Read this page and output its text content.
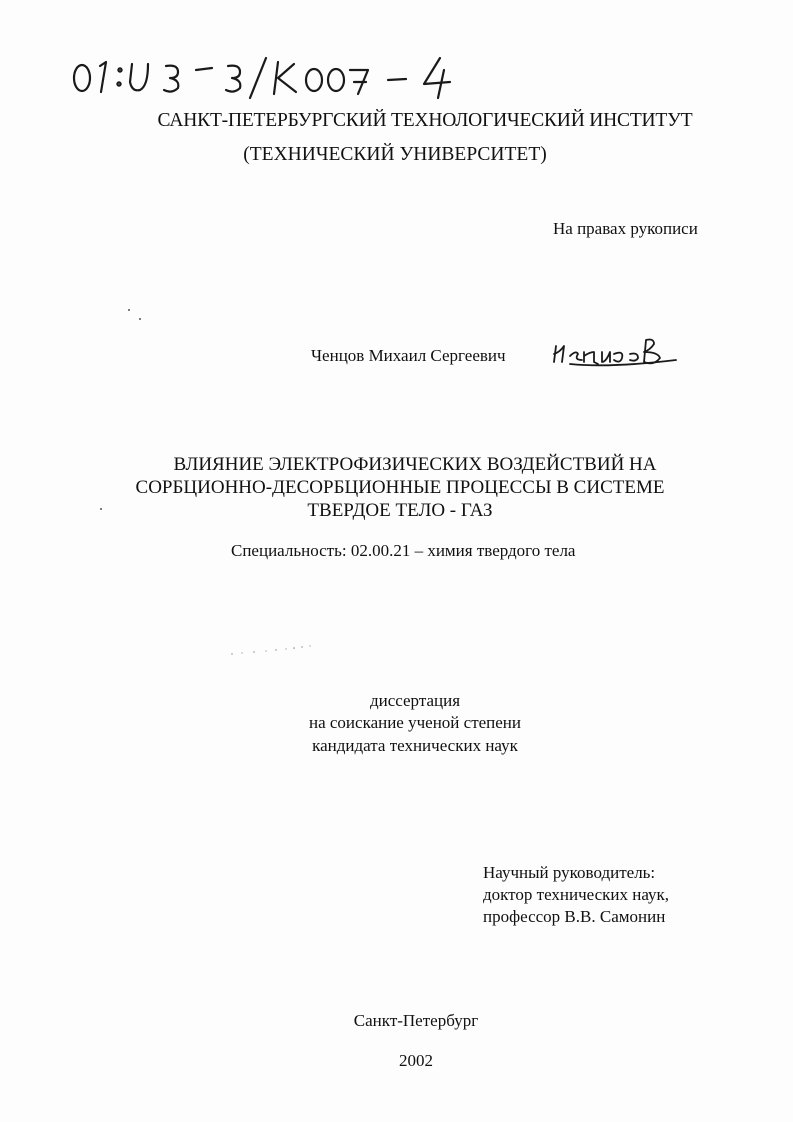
САНКТ-ПЕТЕРБУРГСКИЙ ТЕХНОЛОГИЧЕСКИЙ ИНСТИТУТ
(ТЕХНИЧЕСКИЙ УНИВЕРСИТЕТ)
На правах рукописи
Ченцов Михаил Сергеевич
ВЛИЯНИЕ ЭЛЕКТРОФИЗИЧЕСКИХ ВОЗДЕЙСТВИЙ НА
СОРБЦИОННО-ДЕСОРБЦИОННЫЕ ПРОЦЕССЫ В СИСТЕМЕ
ТВЕРДОЕ ТЕЛО - ГАЗ
Специальность: 02.00.21 – химия твердого тела
диссертация
на соискание ученой степени
кандидата технических наук
Научный руководитель:
доктор технических наук,
профессор В.В. Самонин
Санкт-Петербург
2002
